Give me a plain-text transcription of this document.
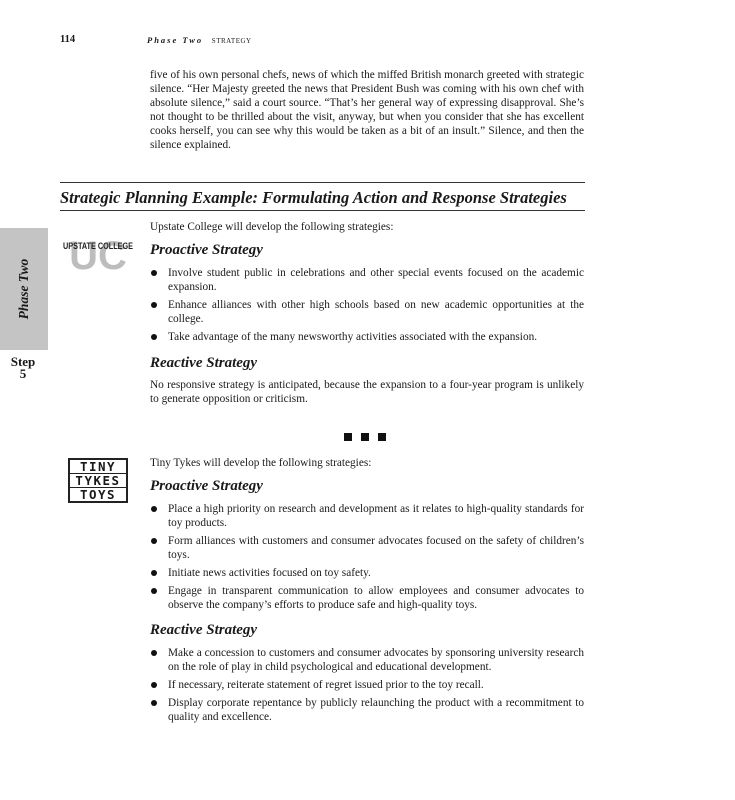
114	Phase Two STRATEGY

five of his own personal chefs, news of which the miffed British monarch greeted with strategic silence. “Her Majesty greeted the news that President Bush was coming with his own chef with absolute silence,” said a court source. “That’s her general way of expressing disapproval. She’s not thought to be thrilled about the visit, anyway, but when you consider that she has excellent cooks herself, you can see why this would be taken as a bit of an insult.” Silence, and then the silence explained.

Strategic Planning Example: Formulating Action and Response Strategies
Phase Two
Step
5
UC
UPSTATE COLLEGE

Upstate College will develop the following strategies:

Proactive Strategy
Involve student public in celebrations and other special events focused on the academic expansion.
Enhance alliances with other high schools based on new academic opportunities at the college.
Take advantage of the many newsworthy activities associated with the expansion.
Reactive Strategy

No responsive strategy is anticipated, because the expansion to a four-year program is unlikely to generate opposition or criticism.

TINY
TYKES
TOYS

Tiny Tykes will develop the following strategies:

Proactive Strategy
Place a high priority on research and development as it relates to high-quality standards for toy products.
Form alliances with customers and consumer advocates focused on the safety of children’s toys.
Initiate news activities focused on toy safety.
Engage in transparent communication to allow employees and consumer advocates to observe the company’s efforts to produce safe and high-quality toys.
Reactive Strategy
Make a concession to customers and consumer advocates by sponsoring university research on the role of play in child psychological and educational development.
If necessary, reiterate statement of regret issued prior to the toy recall.
Display corporate repentance by publicly relaunching the product with a recommitment to quality and excellence.
